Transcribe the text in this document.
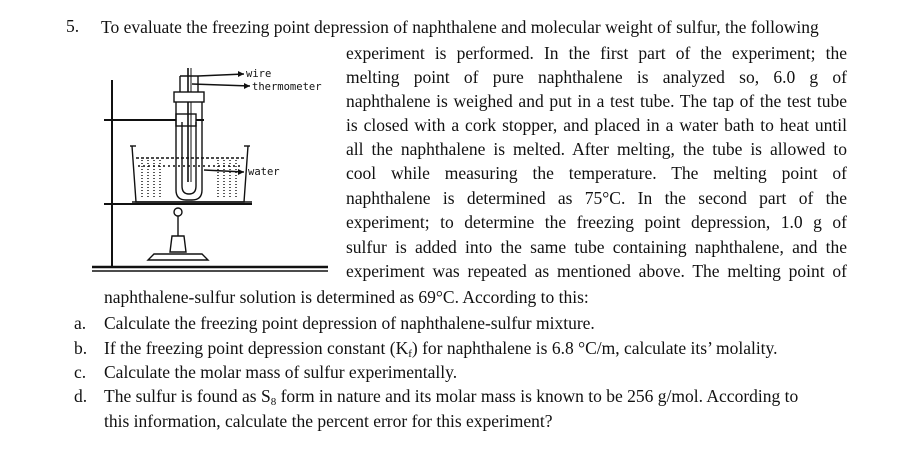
5. To evaluate the freezing point depression of naphthalene and molecular weight of sulfur, the following
experiment is performed. In the first part of the experiment; the
melting point of pure naphthalene is analyzed so, 6.0 g of
naphthalene is weighed and put in a test tube. The tap of the test tube
is closed with a cork stopper, and placed in a water bath to heat until
all the naphthalene is melted. After melting, the tube is allowed to
cool while measuring the temperature. The melting point of
naphthalene is determined as 75°C. In the second part of the
experiment; to determine the freezing point depression, 1.0 g of
sulfur is added into the same tube containing naphthalene, and the
experiment was repeated as mentioned above. The melting point of
naphthalene-sulfur solution is determined as 69°C. According to this:
wire
thermometer
water
a. Calculate the freezing point depression of naphthalene-sulfur mixture.
b. If the freezing point depression constant $(K_f)$ for naphthalene is 6.8 °C/m, calculate its’ molality.
c. Calculate the molar mass of sulfur experimentally.
d. The sulfur is found as $S_8$ form in nature and its molar mass is known to be 256 g/mol. According to
this information, calculate the percent error for this experiment?
